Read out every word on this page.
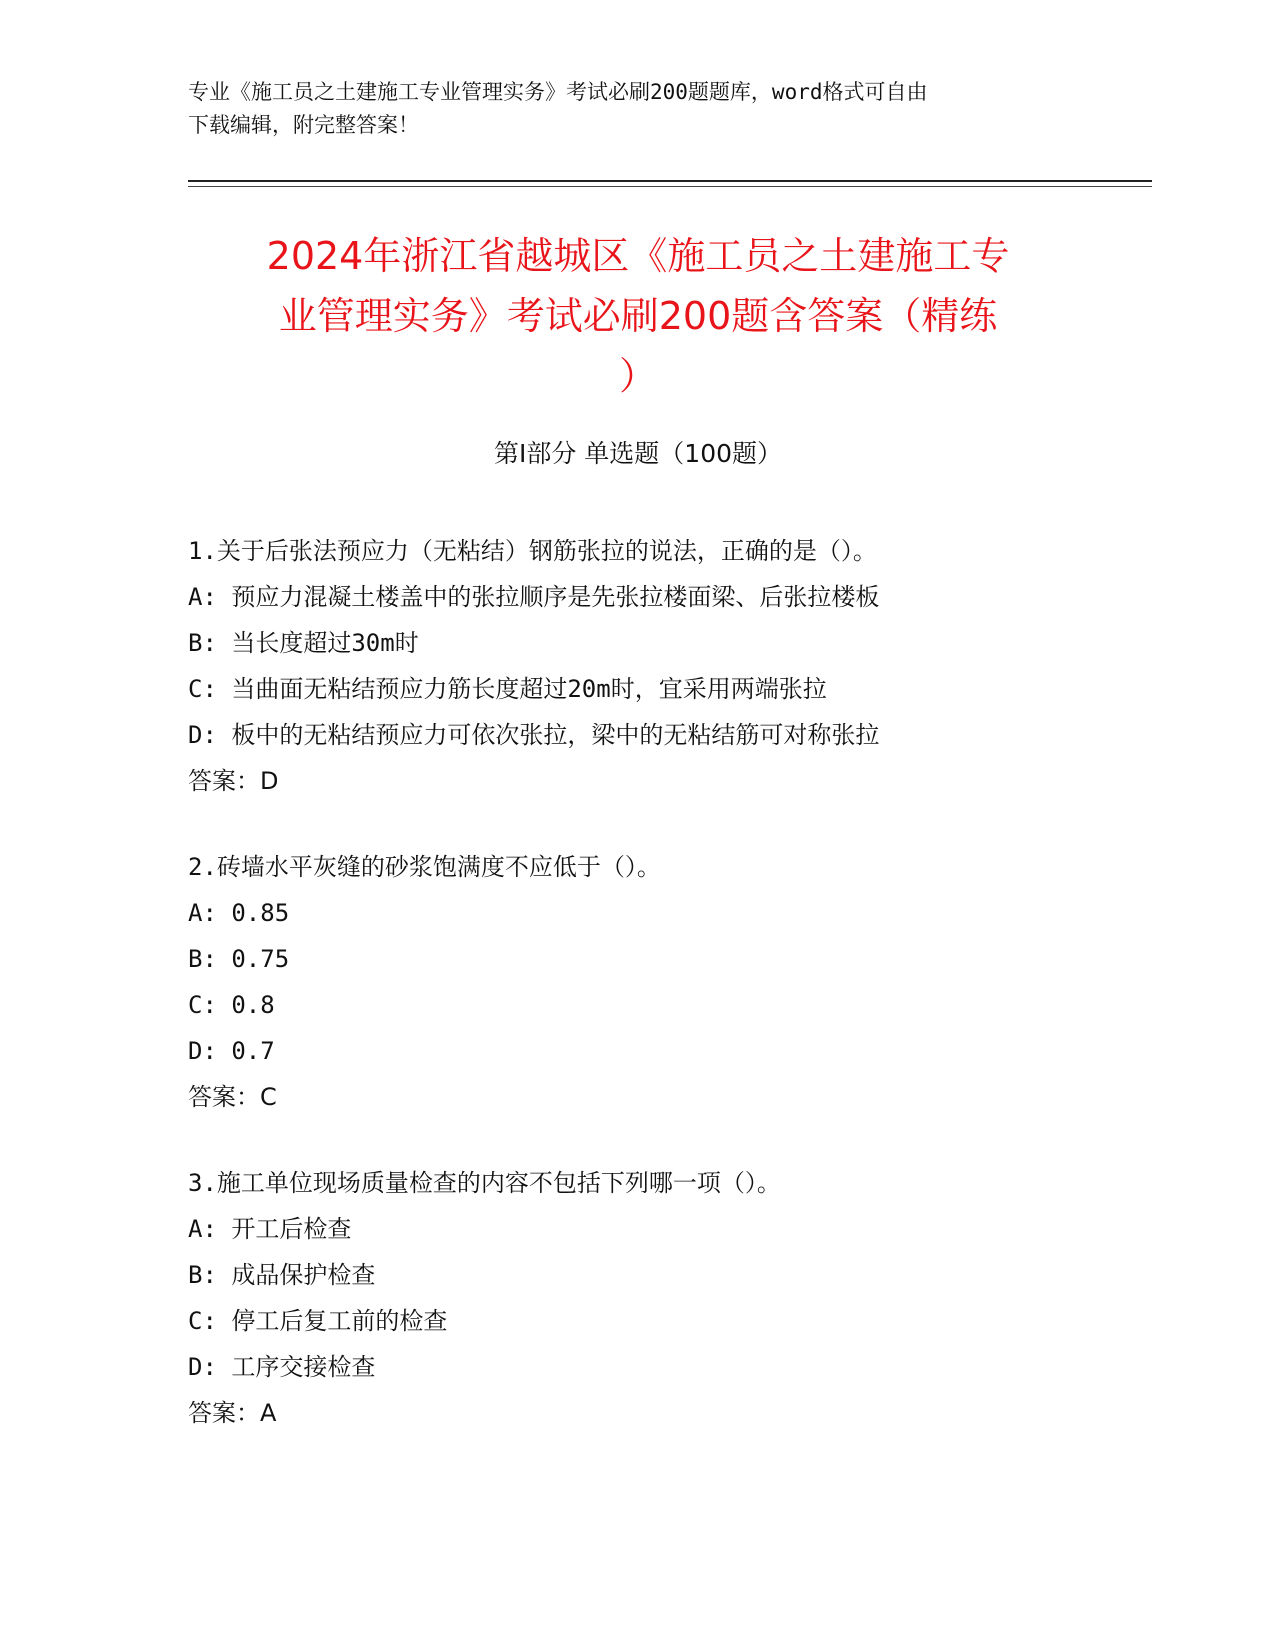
专业《施工员之土建施工专业管理实务》考试必刷200题题库，word格式可自由
下载编辑，附完整答案！
2024年浙江省越城区《施工员之土建施工专
业管理实务》考试必刷200题含答案（精练
）
第Ⅰ部分 单选题（100题）
1.关于后张法预应力（无粘结）钢筋张拉的说法，正确的是（）。
A: 预应力混凝土楼盖中的张拉顺序是先张拉楼面梁、后张拉楼板
B: 当长度超过30m时
C: 当曲面无粘结预应力筋长度超过20m时，宜采用两端张拉
D: 板中的无粘结预应力可依次张拉，梁中的无粘结筋可对称张拉
答案：D
2.砖墙水平灰缝的砂浆饱满度不应低于（）。
A: 0.85
B: 0.75
C: 0.8
D: 0.7
答案：C
3.施工单位现场质量检查的内容不包括下列哪一项（）。
A: 开工后检查
B: 成品保护检查
C: 停工后复工前的检查
D: 工序交接检查
答案：A
